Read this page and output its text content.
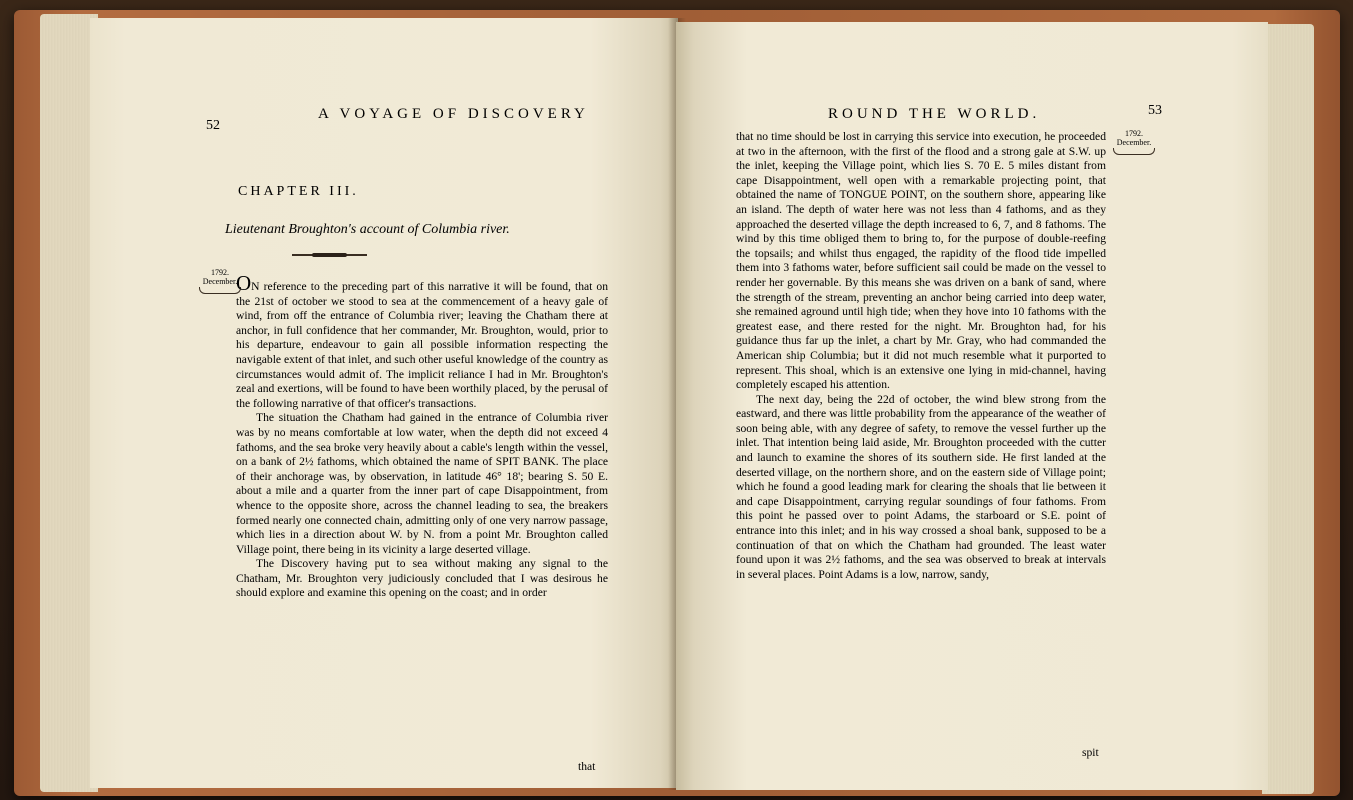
52
A VOYAGE OF DISCOVERY
CHAPTER III.
Lieutenant Broughton's account of Columbia river.
1792.
December.

ON reference to the preceding part of this narrative it will be found, that on the 21st of october we stood to sea at the commencement of a heavy gale of wind, from off the entrance of Columbia river; leaving the Chatham there at anchor, in full confidence that her commander, Mr. Broughton, would, prior to his departure, endeavour to gain all possible information respecting the navigable extent of that inlet, and such other useful knowledge of the country as circumstances would admit of. The implicit reliance I had in Mr. Broughton's zeal and exertions, will be found to have been worthily placed, by the perusal of the following narrative of that officer's transactions.

The situation the Chatham had gained in the entrance of Columbia river was by no means comfortable at low water, when the depth did not exceed 4 fathoms, and the sea broke very heavily about a cable's length within the vessel, on a bank of 2½ fathoms, which obtained the name of SPIT BANK. The place of their anchorage was, by observation, in latitude 46° 18'; bearing S. 50 E. about a mile and a quarter from the inner part of cape Disappointment, from whence to the opposite shore, across the channel leading to sea, the breakers formed nearly one connected chain, admitting only of one very narrow passage, which lies in a direction about W. by N. from a point Mr. Broughton called Village point, there being in its vicinity a large deserted village.

The Discovery having put to sea without making any signal to the Chatham, Mr. Broughton very judiciously concluded that I was desirous he should explore and examine this opening on the coast; and in order

that
ROUND THE WORLD.	53
1792.
December.

that no time should be lost in carrying this service into execution, he proceeded at two in the afternoon, with the first of the flood and a strong gale at S.W. up the inlet, keeping the Village point, which lies S. 70 E. 5 miles distant from cape Disappointment, well open with a remarkable projecting point, that obtained the name of TONGUE POINT, on the southern shore, appearing like an island. The depth of water here was not less than 4 fathoms, and as they approached the deserted village the depth increased to 6, 7, and 8 fathoms. The wind by this time obliged them to bring to, for the purpose of double-reefing the topsails; and whilst thus engaged, the rapidity of the flood tide impelled them into 3 fathoms water, before sufficient sail could be made on the vessel to render her governable. By this means she was driven on a bank of sand, where the strength of the stream, preventing an anchor being carried into deep water, she remained aground until high tide; when they hove into 10 fathoms with the greatest ease, and there rested for the night. Mr. Broughton had, for his guidance thus far up the inlet, a chart by Mr. Gray, who had commanded the American ship Columbia; but it did not much resemble what it purported to represent. This shoal, which is an extensive one lying in mid-channel, having completely escaped his attention.

The next day, being the 22d of october, the wind blew strong from the eastward, and there was little probability from the appearance of the weather of soon being able, with any degree of safety, to remove the vessel further up the inlet. That intention being laid aside, Mr. Broughton proceeded with the cutter and launch to examine the shores of its southern side. He first landed at the deserted village, on the northern shore, and on the eastern side of Village point; which he found a good leading mark for clearing the shoals that lie between it and cape Disappointment, carrying regular soundings of four fathoms. From this point he passed over to point Adams, the starboard or S.E. point of entrance into this inlet; and in his way crossed a shoal bank, supposed to be a continuation of that on which the Chatham had grounded. The least water found upon it was 2½ fathoms, and the sea was observed to break at intervals in several places. Point Adams is a low, narrow, sandy,

spit
